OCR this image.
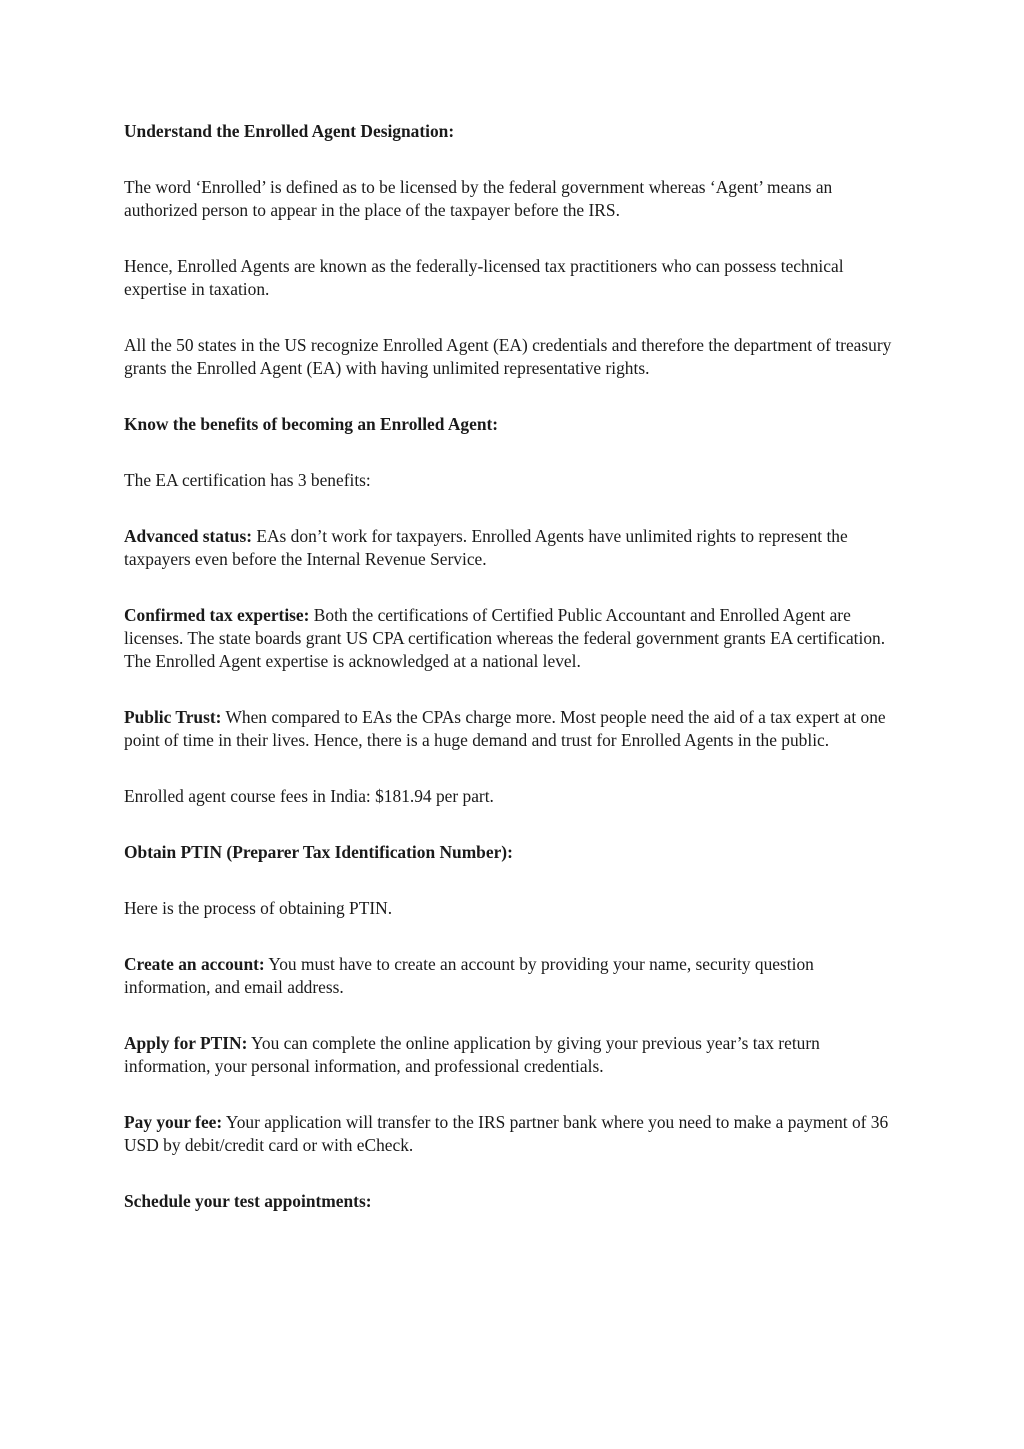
Understand the Enrolled Agent Designation:

The word ‘Enrolled’ is defined as to be licensed by the federal government whereas ‘Agent’ means an authorized person to appear in the place of the taxpayer before the IRS.

Hence, Enrolled Agents are known as the federally-licensed tax practitioners who can possess technical expertise in taxation.

All the 50 states in the US recognize Enrolled Agent (EA) credentials and therefore the department of treasury grants the Enrolled Agent (EA) with having unlimited representative rights.

Know the benefits of becoming an Enrolled Agent:

The EA certification has 3 benefits:

Advanced status: EAs don’t work for taxpayers. Enrolled Agents have unlimited rights to represent the taxpayers even before the Internal Revenue Service.

Confirmed tax expertise: Both the certifications of Certified Public Accountant and Enrolled Agent are licenses. The state boards grant US CPA certification whereas the federal government grants EA certification. The Enrolled Agent expertise is acknowledged at a national level.

Public Trust: When compared to EAs the CPAs charge more. Most people need the aid of a tax expert at one point of time in their lives. Hence, there is a huge demand and trust for Enrolled Agents in the public.

Enrolled agent course fees in India: $181.94 per part.

Obtain PTIN (Preparer Tax Identification Number):

Here is the process of obtaining PTIN.

Create an account: You must have to create an account by providing your name, security question information, and email address.

Apply for PTIN: You can complete the online application by giving your previous year’s tax return information, your personal information, and professional credentials.

Pay your fee: Your application will transfer to the IRS partner bank where you need to make a payment of 36 USD by debit/credit card or with eCheck.

Schedule your test appointments:
